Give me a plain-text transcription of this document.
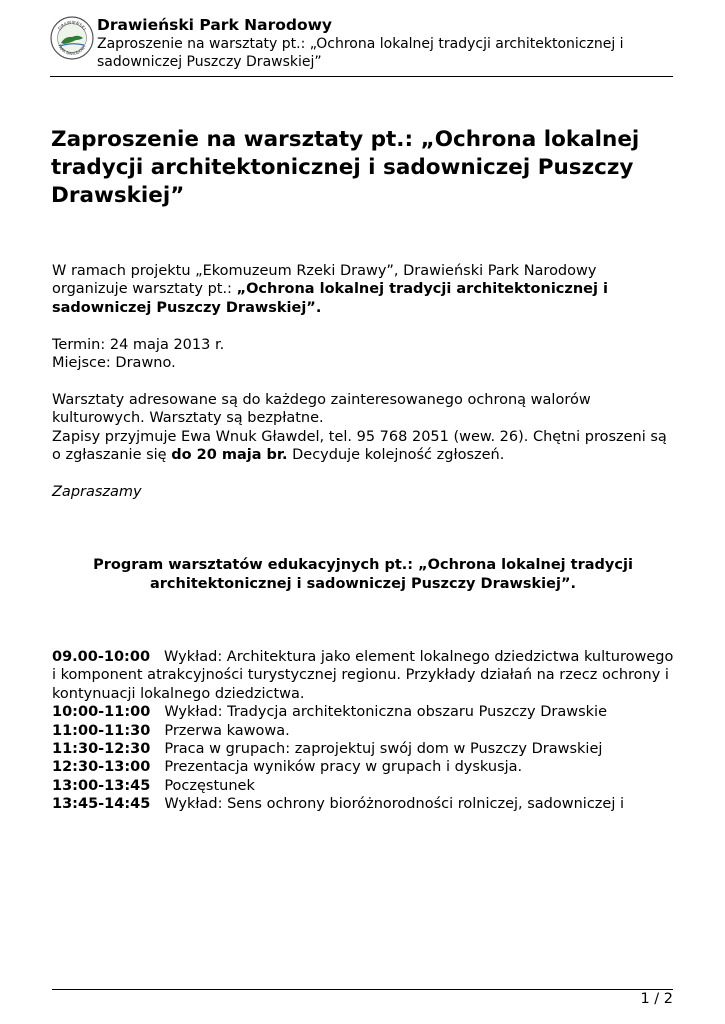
DRAWIEŃSKI
PARK NARODOWY
Drawieński Park Narodowy
Zaproszenie na warsztaty pt.: „Ochrona lokalnej tradycji architektonicznej i sadowniczej Puszczy Drawskiej”
Zaproszenie na warsztaty pt.: „Ochrona lokalnej tradycji architektonicznej i sadowniczej Puszczy Drawskiej”

W ramach projektu „Ekomuzeum Rzeki Drawy”, Drawieński Park Narodowy organizuje warsztaty pt.: „Ochrona lokalnej tradycji architektonicznej i sadowniczej Puszczy Drawskiej”.

Termin: 24 maja 2013 r.

Miejsce: Drawno.

Warsztaty adresowane są do każdego zainteresowanego ochroną walorów kulturowych. Warsztaty są bezpłatne.

Zapisy przyjmuje Ewa Wnuk Gławdel, tel. 95 768 2051 (wew. 26). Chętni proszeni są o zgłaszanie się do 20 maja br. Decyduje kolejność zgłoszeń.

Zapraszamy

Program warsztatów edukacyjnych pt.: „Ochrona lokalnej tradycji architektonicznej i sadowniczej Puszczy Drawskiej”.

09.00-10:00 Wykład: Architektura jako element lokalnego dziedzictwa kulturowego i komponent atrakcyjności turystycznej regionu. Przykłady działań na rzecz ochrony i kontynuacji lokalnego dziedzictwa.

10:00-11:00 Wykład: Tradycja architektoniczna obszaru Puszczy Drawskie

11:00-11:30 Przerwa kawowa.

11:30-12:30 Praca w grupach: zaprojektuj swój dom w Puszczy Drawskiej

12:30-13:00 Prezentacja wyników pracy w grupach i dyskusja.

13:00-13:45 Poczęstunek

13:45-14:45 Wykład: Sens ochrony bioróżnorodności rolniczej, sadowniczej i

1 / 2
